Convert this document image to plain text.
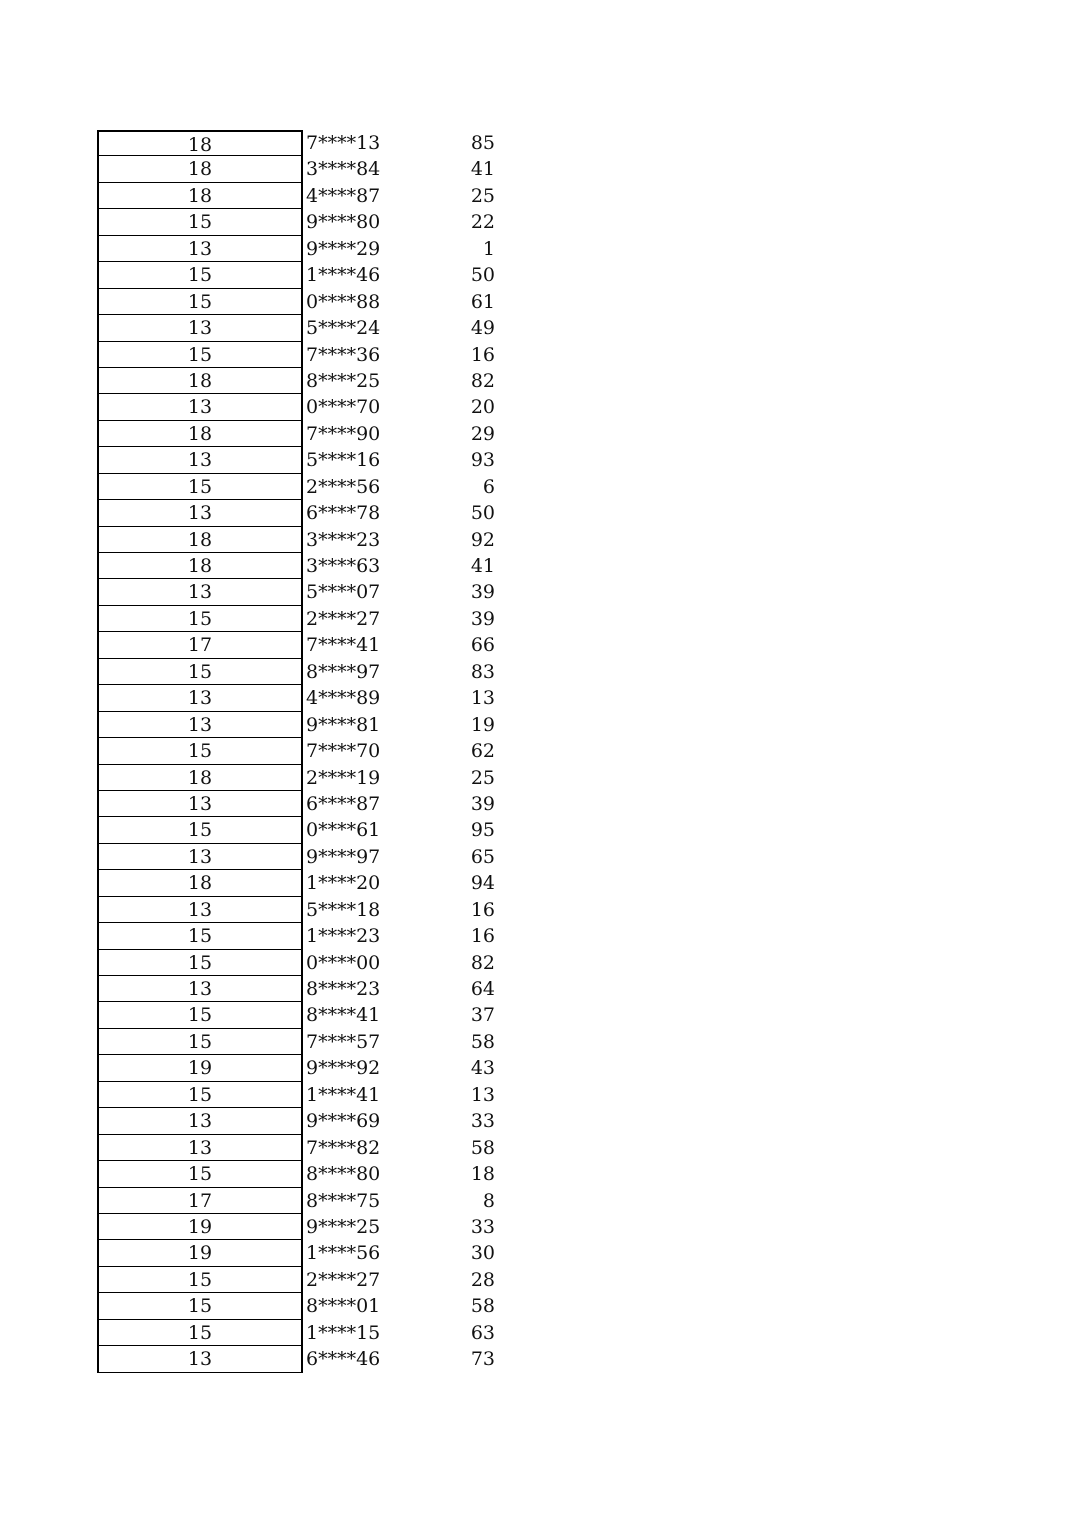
18	7****13	85
18	3****84	41
18	4****87	25
15	9****80	22
13	9****29	1
15	1****46	50
15	0****88	61
13	5****24	49
15	7****36	16
18	8****25	82
13	0****70	20
18	7****90	29
13	5****16	93
15	2****56	6
13	6****78	50
18	3****23	92
18	3****63	41
13	5****07	39
15	2****27	39
17	7****41	66
15	8****97	83
13	4****89	13
13	9****81	19
15	7****70	62
18	2****19	25
13	6****87	39
15	0****61	95
13	9****97	65
18	1****20	94
13	5****18	16
15	1****23	16
15	0****00	82
13	8****23	64
15	8****41	37
15	7****57	58
19	9****92	43
15	1****41	13
13	9****69	33
13	7****82	58
15	8****80	18
17	8****75	8
19	9****25	33
19	1****56	30
15	2****27	28
15	8****01	58
15	1****15	63
13	6****46	73
